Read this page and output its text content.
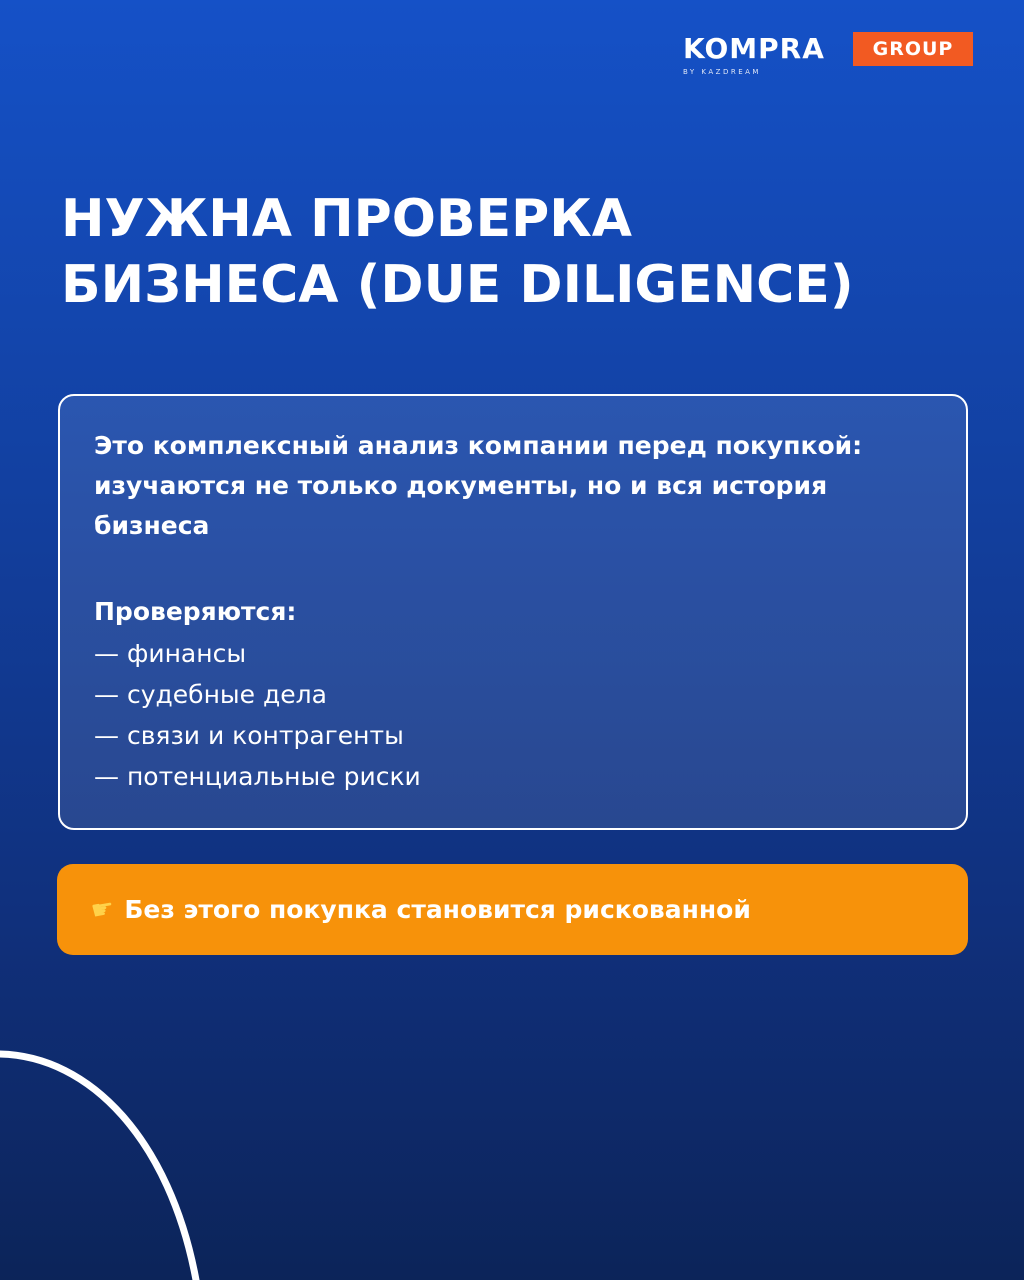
KOMPRA	GROUP
BY KAZDREAM
НУЖНА ПРОВЕРКА
БИЗНЕСА (DUE DILIGENCE)

Это комплексный анализ компании перед покупкой: изучаются не только документы, но и вся история бизнеса

Проверяются:

— финансы
— судебные дела
— связи и контрагенты
— потенциальные риски
☛ Без этого покупка становится рискованной
